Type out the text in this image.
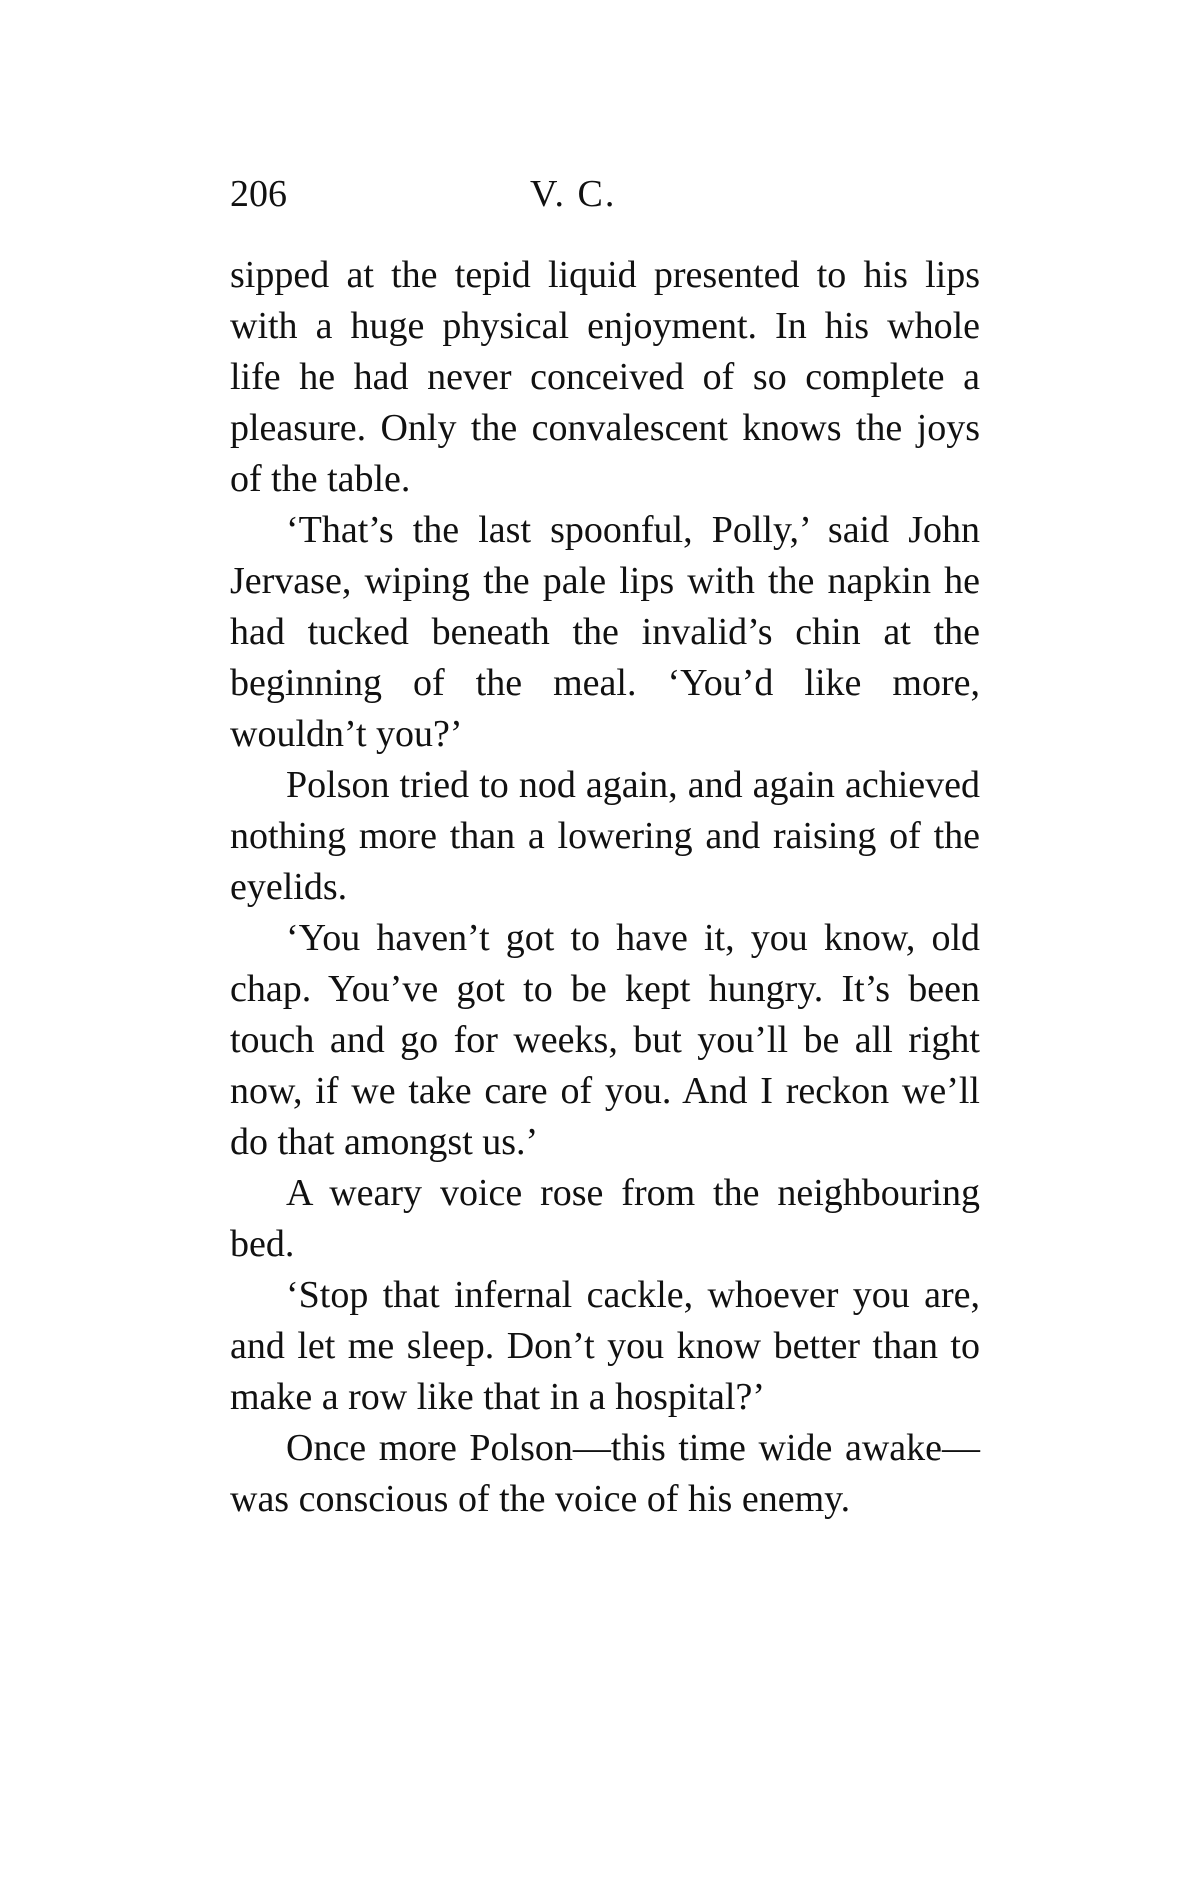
206	V. C.

sipped at the tepid liquid presented to his lips with a huge physical enjoyment. In his whole life he had never conceived of so complete a pleasure. Only the convalescent knows the joys of the table.

‘That’s the last spoonful, Polly,’ said John Jervase, wiping the pale lips with the napkin he had tucked beneath the invalid’s chin at the beginning of the meal. ‘You’d like more, wouldn’t you?’

Polson tried to nod again, and again achieved nothing more than a lowering and raising of the eyelids.

‘You haven’t got to have it, you know, old chap. You’ve got to be kept hungry. It’s been touch and go for weeks, but you’ll be all right now, if we take care of you. And I reckon we’ll do that amongst us.’

A weary voice rose from the neighbouring bed.

‘Stop that infernal cackle, whoever you are, and let me sleep. Don’t you know better than to make a row like that in a hospital?’

Once more Polson—this time wide awake—was conscious of the voice of his enemy.
